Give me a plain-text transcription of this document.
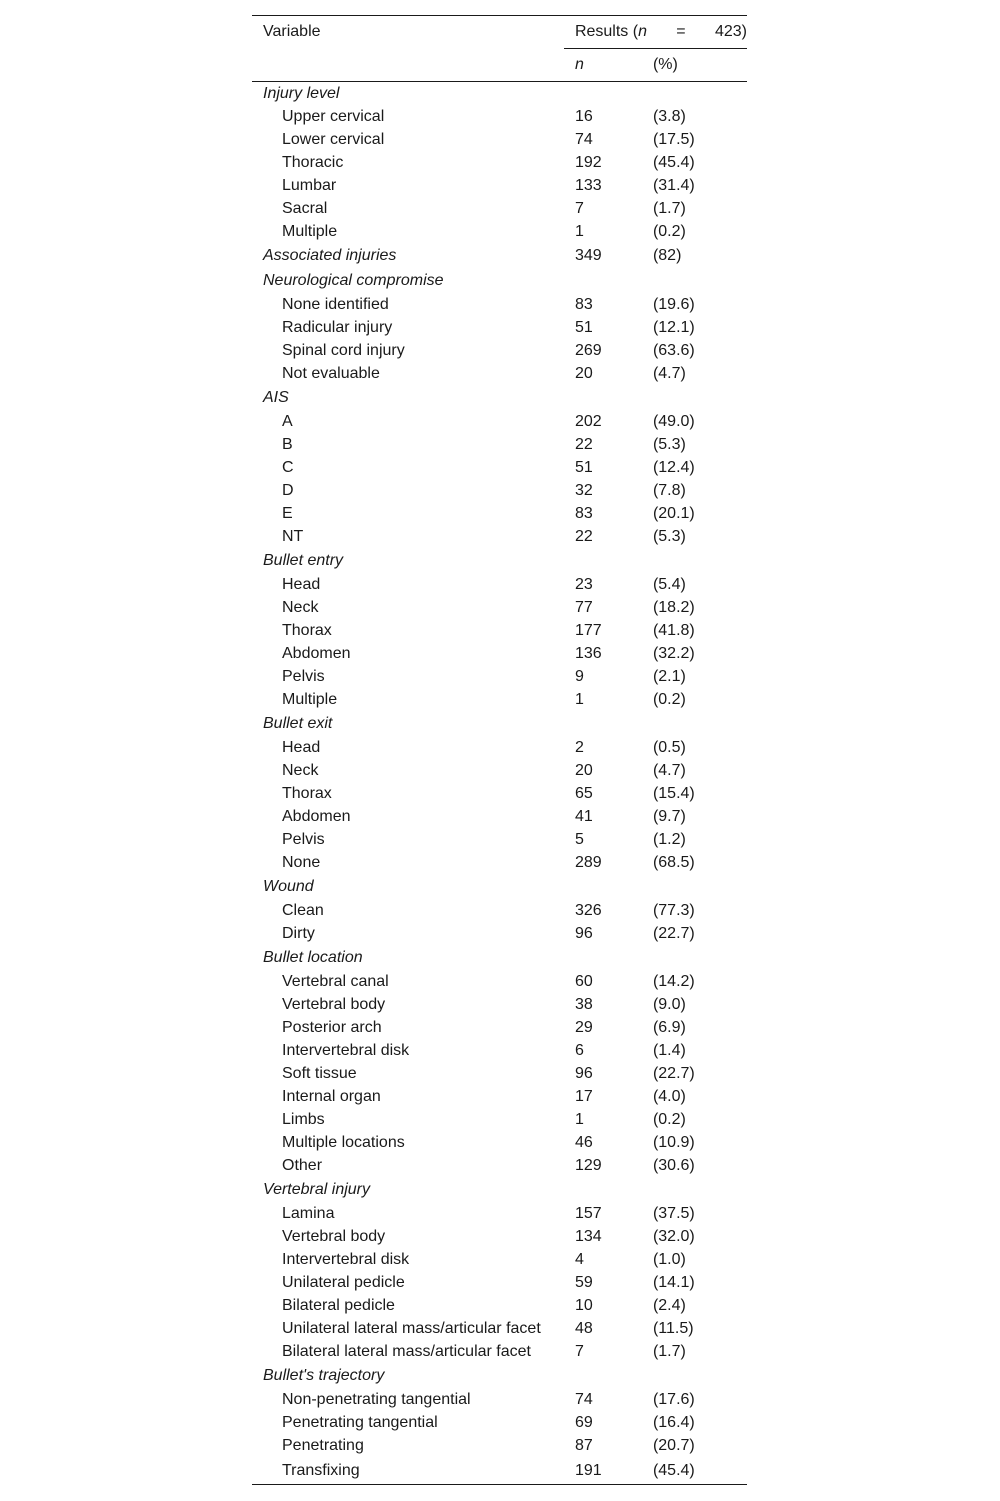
Variable	Results (n = 423)	
	n	(%)
Injury level		
Upper cervical	16	(3.8)
Lower cervical	74	(17.5)
Thoracic	192	(45.4)
Lumbar	133	(31.4)
Sacral	7	(1.7)
Multiple	1	(0.2)
Associated injuries	349	(82)
Neurological compromise		
None identified	83	(19.6)
Radicular injury	51	(12.1)
Spinal cord injury	269	(63.6)
Not evaluable	20	(4.7)
AIS		
A	202	(49.0)
B	22	(5.3)
C	51	(12.4)
D	32	(7.8)
E	83	(20.1)
NT	22	(5.3)
Bullet entry		
Head	23	(5.4)
Neck	77	(18.2)
Thorax	177	(41.8)
Abdomen	136	(32.2)
Pelvis	9	(2.1)
Multiple	1	(0.2)
Bullet exit		
Head	2	(0.5)
Neck	20	(4.7)
Thorax	65	(15.4)
Abdomen	41	(9.7)
Pelvis	5	(1.2)
None	289	(68.5)
Wound		
Clean	326	(77.3)
Dirty	96	(22.7)
Bullet location		
Vertebral canal	60	(14.2)
Vertebral body	38	(9.0)
Posterior arch	29	(6.9)
Intervertebral disk	6	(1.4)
Soft tissue	96	(22.7)
Internal organ	17	(4.0)
Limbs	1	(0.2)
Multiple locations	46	(10.9)
Other	129	(30.6)
Vertebral injury		
Lamina	157	(37.5)
Vertebral body	134	(32.0)
Intervertebral disk	4	(1.0)
Unilateral pedicle	59	(14.1)
Bilateral pedicle	10	(2.4)
Unilateral lateral mass/articular facet	48	(11.5)
Bilateral lateral mass/articular facet	7	(1.7)
Bullet's trajectory		
Non-penetrating tangential	74	(17.6)
Penetrating tangential	69	(16.4)
Penetrating	87	(20.7)
Transfixing	191	(45.4)
